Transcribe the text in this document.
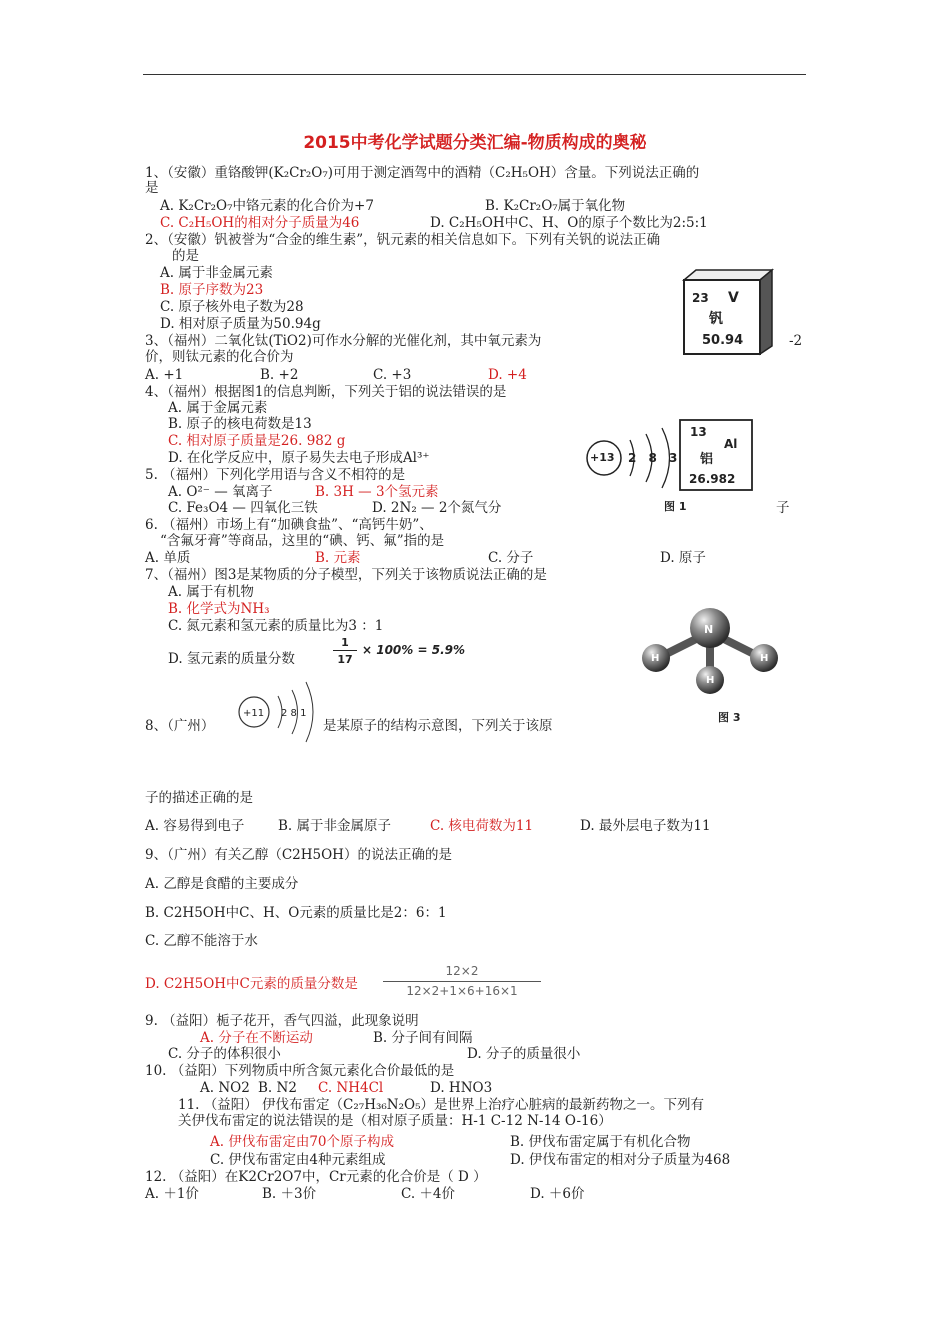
2015中考化学试题分类汇编-物质构成的奥秘
1、（安徽）重铬酸钾(K₂Cr₂O₇)可用于测定酒驾中的酒精（C₂H₅OH）含量。下列说法正确的
是
A. K₂Cr₂O₇中铬元素的化合价为+7	B. K₂Cr₂O₇属于氧化物
C. C₂H₅OH的相对分子质量为46	D. C₂H₅OH中C、H、O的原子个数比为2:5:1
2、（安徽）钒被誉为“合金的维生素”，钒元素的相关信息如下。下列有关钒的说法正确
的是
A. 属于非金属元素
B. 原子序数为23
C. 原子核外电子数为28
D. 相对原子质量为50.94g
23 V
钒
50.94
3、（福州）二氧化钛(TiO2)可作水分解的光催化剂，其中氧元素为	-2
价，则钛元素的化合价为
A. +1	B. +2	C. +3	D. +4
4、（福州）根据图1的信息判断，下列关于铝的说法错误的是
A. 属于金属元素
B. 原子的核电荷数是13
C. 相对原子质量是26. 982 g
D. 在化学反应中，原子易失去电子形成Al³⁺	+13 2 8 3
13
Al
铝
26.982
图 1
5. （福州）下列化学用语与含义不相符的是
A. O²⁻ — 氧离子	B. 3H — 3个氢元素
C. Fe₃O4 — 四氧化三铁	D. 2N₂ — 2个氮气分	子
6. （福州）市场上有“加碘食盐”、“高钙牛奶”、
“含氟牙膏”等商品，这里的“碘、钙、氟”指的是
A. 单质	B. 元素	C. 分子	D. 原子
7、（福州）图3是某物质的分子模型，下列关于该物质说法正确的是
A. 属于有机物
B. 化学式为NH₃
C. 氮元素和氢元素的质量比为3 ：1
D. 氢元素的质量分数
1
17
× 100% = 5.9%
N
H	H
H
图 3
8、（广州）
+11 2 8 1
是某原子的结构示意图，下列关于该原
子的描述正确的是
A. 容易得到电子 B. 属于非金属原子	C. 核电荷数为11	D. 最外层电子数为11
9、（广州）有关乙醇（C2H5OH）的说法正确的是
A. 乙醇是食醋的主要成分
B. C2H5OH中C、H、O元素的质量比是2：6：1
C. 乙醇不能溶于水
D. C2H5OH中C元素的质量分数是
12×2
12×2+1×6+16×1
9. （益阳）栀子花开，香气四溢，此现象说明
A. 分子在不断运动	B. 分子间有间隔
C. 分子的体积很小	D. 分子的质量很小
10. （益阳）下列物质中所含氮元素化合价最低的是
A. NO2 B. N2 C. NH4Cl	D. HNO3
11. （益阳） 伊伐布雷定（C₂₇H₃₆N₂O₅）是世界上治疗心脏病的最新药物之一。下列有
关伊伐布雷定的说法错误的是（相对原子质量：H-1 C-12 N-14 O-16）
A. 伊伐布雷定由70个原子构成	B. 伊伐布雷定属于有机化合物
C. 伊伐布雷定由4种元素组成	D. 伊伐布雷定的相对分子质量为468
12. （益阳）在K2Cr2O7中，Cr元素的化合价是（ D ）
A. ＋1价	B. ＋3价	C. ＋4价	D. ＋6价
